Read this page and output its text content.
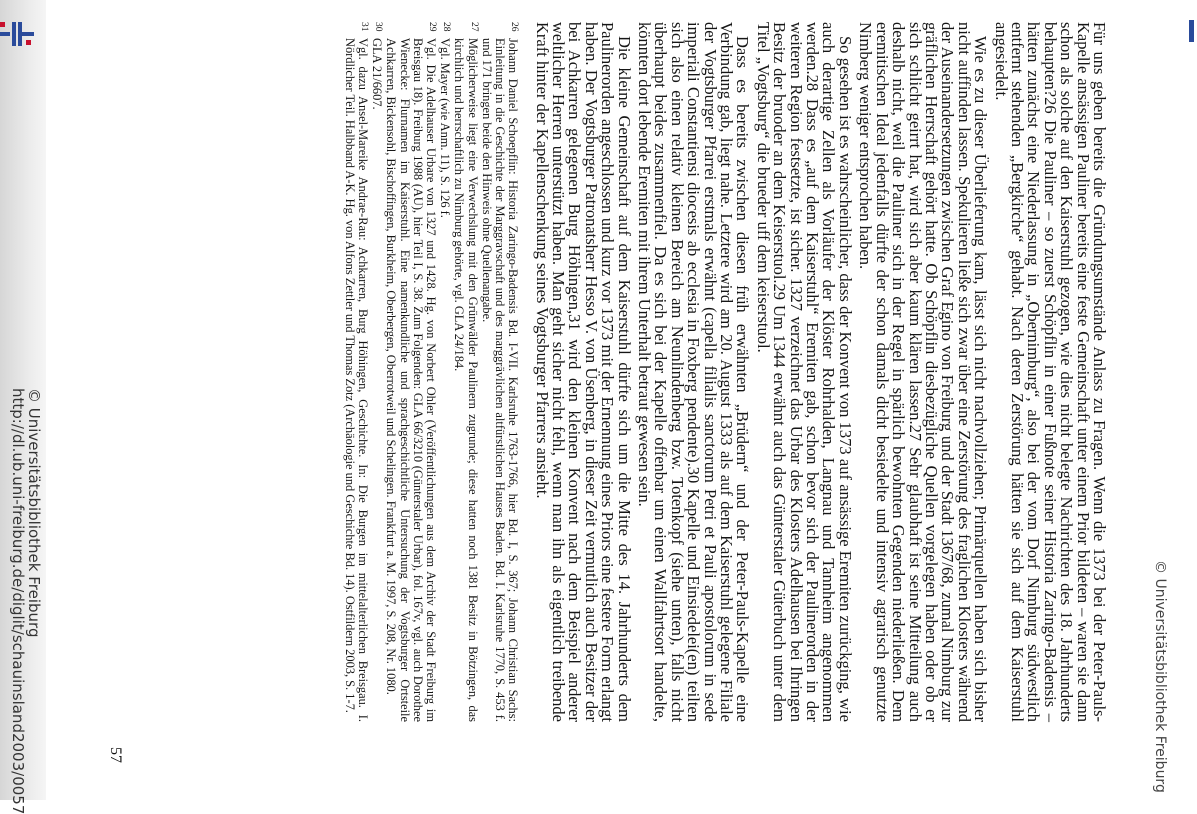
http://dl.ub.uni-freiburg.de/diglit/schauinsland2003/0057
© Universitätsbibliothek Freiburg
© Universitätsbibliothek Freiburg
57

Für uns geben bereits die Gründungsumstände Anlass zu Fragen. Wenn die 1373 bei der Peter-Pauls-Kapelle ansässigen Pauliner bereits eine feste Gemeinschaft unter einem Prior bildeten – waren sie dann schon als solche auf den Kaiserstuhl gezogen, wie dies nicht belegte Nachrichten des 18. Jahrhunderts behaupten?26 Die Pauliner – so zuerst Schöpflin in einer Fußnote seiner Historia Zaringo-Badensis – hätten zunächst eine Niederlassung in „Obernimburg“, also bei der vom Dorf Nimburg südwestlich entfernt stehenden „Bergkirche“ gehabt. Nach deren Zerstörung hätten sie sich auf dem Kaiserstuhl angesiedelt.

Wie es zu dieser Überlieferung kam, lässt sich nicht nachvollziehen; Primärquellen haben sich bisher nicht auffinden lassen. Spekulieren ließe sich zwar über eine Zerstörung des fraglichen Klosters während der Auseinandersetzungen zwischen Graf Egino von Freiburg und der Stadt 1367/68, zumal Nimburg zur gräflichen Herrschaft gehört hatte. Ob Schöpflin diesbezügliche Quellen vorgelegen haben oder ob er sich schlicht geirrt hat, wird sich aber kaum klären lassen.27 Sehr glaubhaft ist seine Mitteilung auch deshalb nicht, weil die Pauliner sich in der Regel in spärlich bewohnten Gegenden niederließen. Dem eremitischen Ideal jedenfalls dürfte der schon damals dicht besiedelte und intensiv agrarisch genutzte Nimberg weniger entsprochen haben.

So gesehen ist es wahrscheinlicher, dass der Konvent von 1373 auf ansässige Eremiten zurückging, wie auch derartige Zellen als Vorläufer der Klöster Rohrhalden, Langnau und Tannheim angenommen werden.28 Dass es „auf dem Kaiserstuhl“ Eremiten gab, schon bevor sich der Paulinerorden in der weiteren Region festsetzte, ist sicher. 1327 verzeichnet das Urbar des Klosters Adelhausen bei Ihringen Besitz der bruoder an dem Keiserstuol.29 Um 1344 erwähnt auch das Günterstaler Güterbuch unter dem Titel „Vogtsburg“ die brueder uff dem keiserstuol.

Dass es bereits zwischen diesen früh erwähnten „Brüdern“ und der Peter-Pauls-Kapelle eine Verbindung gab, liegt nahe. Letztere wird am 20. August 1333 als auf dem Kaiserstuhl gelegene Filiale der Vogtsburger Pfarrei erstmals erwähnt (capella filialis sanctorum Petri et Pauli apostolorum in sede imperiali Constantiensi diocesis ab ecclesia in Foxberg pendente).30 Kapelle und Einsiedelei(en) teilten sich also einen relativ kleinen Bereich am Neunlindenberg bzw. Totenkopf (siehe unten), falls nicht überhaupt beides zusammenfiel. Da es sich bei der Kapelle offenbar um einen Wallfahrtsort handelte, könnten dort lebende Eremiten mit ihrem Unterhalt betraut gewesen sein.

Die kleine Gemeinschaft auf dem Kaiserstuhl dürfte sich um die Mitte des 14. Jahrhunderts dem Paulinerorden angeschlossen und kurz vor 1373 mit der Ernennung eines Priors eine festere Form erlangt haben. Der Vogtsburger Patronatsherr Hesso V. von Üsenberg, in dieser Zeit vermutlich auch Besitzer der bei Achkarren gelegenen Burg Höhingen,31 wird den kleinen Konvent nach dem Beispiel anderer weltlicher Herren unterstützt haben. Man geht sicher nicht fehl, wenn man ihn als eigentlich treibende Kraft hinter der Kapellenschenkung seines Vogtsburger Pfarrers ansieht.

26
Johann Daniel Schoepflin: Historia Zaringo-Badensis Bd. I-VII. Karlsruhe 1763-1766, hier Bd. I, S. 367; Johann Christian Sachs: Einleitung in die Geschichte der Marggravschaft und des marggrävlichen altfürstlichen Hauses Baden. Bd. I. Karlsruhe 1770, S. 453 f. und 171 bringen beide den Hinweis ohne Quellenangabe.
27
Möglicherweise liegt eine Verwechslung mit den Grünwälder Paulinern zugrunde; diese hatten noch 1381 Besitz in Bötzingen, das kirchlich und herrschaftlich zu Nimburg gehörte, vgl. GLA 24/184.
28
Vgl. Mayer (wie Anm. 11), S. 126 f.
29
Vgl. Die Adelhauser Urbare von 1327 und 1428. Hg. von Norbert Ohler (Veröffentlichungen aus dem Archiv der Stadt Freiburg im Breisgau 18). Freiburg 1988 (AU), hier Teil I, S. 38. Zum Folgenden: GLA 66/3210 (Günterstaler Urbar), fol. 167v, vgl. auch Dorothee Wienecke: Flurnamen im Kaiserstuhl. Eine namenkundliche und sprachgeschichtliche Untersuchung der Vogtsburger Ortsteile Achkarren, Bickensohl, Bischoffingen, Burkheim, Oberbergen, Oberrotweil und Schelingen. Frankfurt a. M. 1997, S. 208, Nr. 1080.
30
GLA 21/6607.
31
Vgl. dazu Ansel-Mareike Andrae-Rau: Achkarren, Burg Höhingen, Geschichte. In: Die Burgen im mittelalterlichen Breisgau. I. Nördlicher Teil. Halbband A-K. Hg. von Alfons Zettler und Thomas Zotz (Archäologie und Geschichte Bd. 14). Ostfildern 2003, S. 1-7.
